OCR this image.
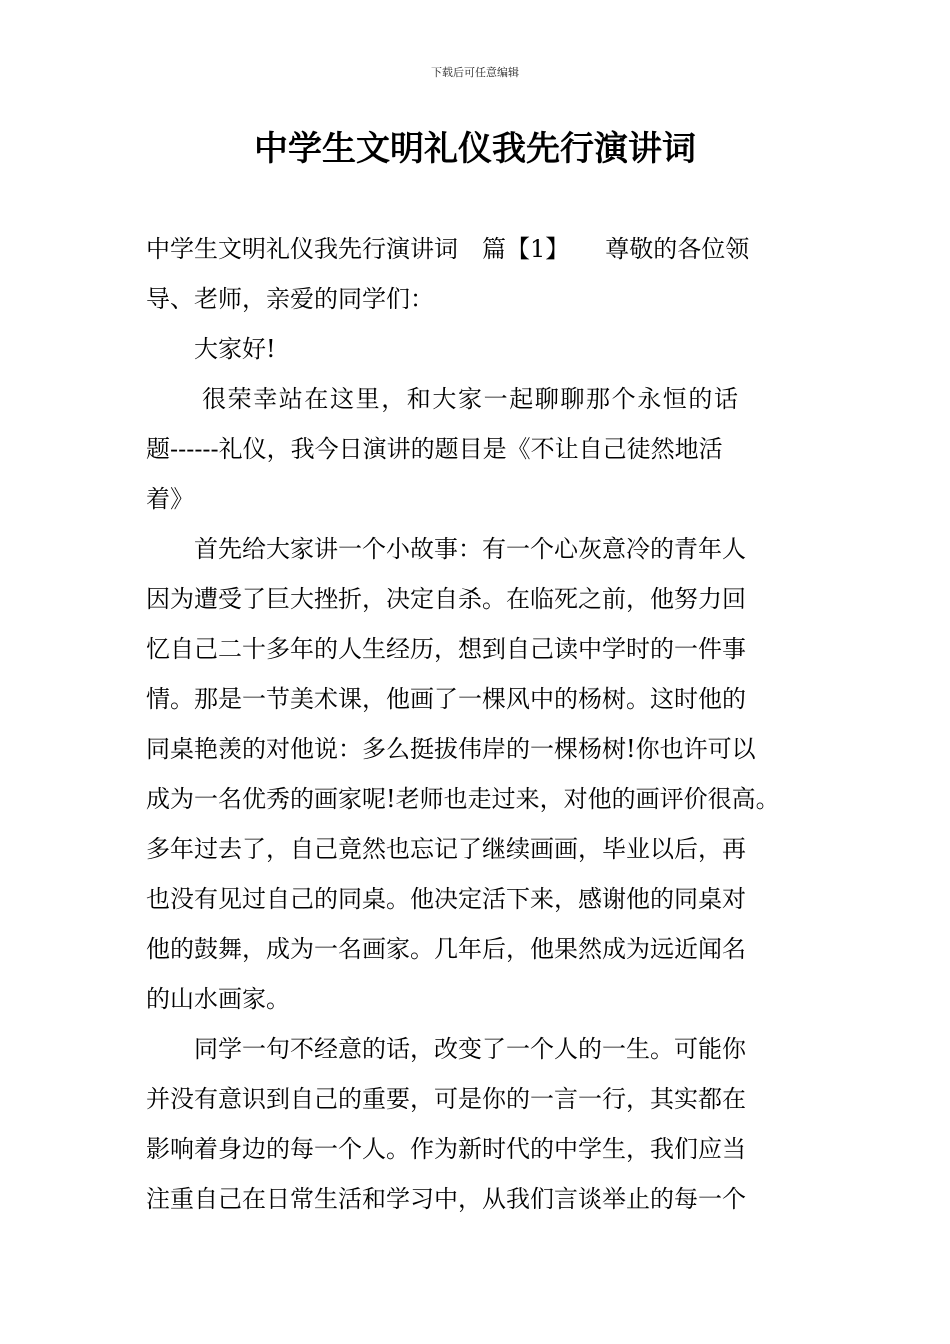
下载后可任意编辑
中学生文明礼仪我先行演讲词

中学生文明礼仪我先行演讲词　篇【1】　　尊敬的各位领

导、老师，亲爱的同学们：

大家好!

很荣幸站在这里，和大家一起聊聊那个永恒的话

题------礼仪，我今日演讲的题目是《不让自己徒然地活

着》

首先给大家讲一个小故事：有一个心灰意冷的青年人

因为遭受了巨大挫折，决定自杀。在临死之前，他努力回

忆自己二十多年的人生经历，想到自己读中学时的一件事

情。那是一节美术课，他画了一棵风中的杨树。这时他的

同桌艳羡的对他说：多么挺拔伟岸的一棵杨树!你也许可以

成为一名优秀的画家呢!老师也走过来，对他的画评价很高。

多年过去了，自己竟然也忘记了继续画画，毕业以后，再

也没有见过自己的同桌。他决定活下来，感谢他的同桌对

他的鼓舞，成为一名画家。几年后，他果然成为远近闻名

的山水画家。

同学一句不经意的话，改变了一个人的一生。可能你

并没有意识到自己的重要，可是你的一言一行，其实都在

影响着身边的每一个人。作为新时代的中学生，我们应当

注重自己在日常生活和学习中，从我们言谈举止的每一个
